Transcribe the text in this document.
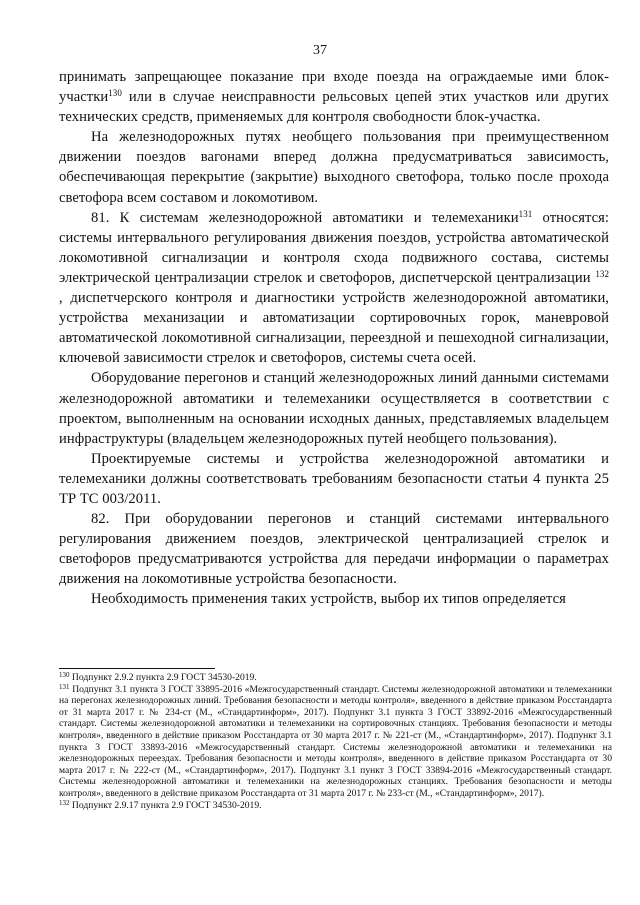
37

принимать запрещающее показание при входе поезда на ограждаемые ими блок-участки$^{130}$ или в случае неисправности рельсовых цепей этих участков или других технических средств, применяемых для контроля свободности блок-участка.

На железнодорожных путях необщего пользования при преимущественном движении поездов вагонами вперед должна предусматриваться зависимость, обеспечивающая перекрытие (закрытие) выходного светофора, только после прохода светофора всем составом и локомотивом.

81. К системам железнодорожной автоматики и телемеханики$^{131}$ относятся: системы интервального регулирования движения поездов, устройства автоматической локомотивной сигнализации и контроля схода подвижного состава, системы электрической централизации стрелок и светофоров, диспетчерской централизации $^{132}$ , диспетчерского контроля и диагностики устройств железнодорожной автоматики, устройства механизации и автоматизации сортировочных горок, маневровой автоматической локомотивной сигнализации, переездной и пешеходной сигнализации, ключевой зависимости стрелок и светофоров, системы счета осей.

Оборудование перегонов и станций железнодорожных линий данными системами железнодорожной автоматики и телемеханики осуществляется в соответствии с проектом, выполненным на основании исходных данных, представляемых владельцем инфраструктуры (владельцем железнодорожных путей необщего пользования).

Проектируемые системы и устройства железнодорожной автоматики и телемеханики должны соответствовать требованиям безопасности статьи 4 пункта 25 ТР ТС 003/2011.

82. При оборудовании перегонов и станций системами интервального регулирования движением поездов, электрической централизацией стрелок и светофоров предусматриваются устройства для передачи информации о параметрах движения на локомотивные устройства безопасности.

Необходимость применения таких устройств, выбор их типов определяется

$^{130}$ Подпункт 2.9.2 пункта 2.9 ГОСТ 34530-2019.

$^{131}$ Подпункт 3.1 пункта 3 ГОСТ 33895-2016 «Межгосударственный стандарт. Системы железнодорожной автоматики и телемеханики на перегонах железнодорожных линий. Требования безопасности и методы контроля», введенного в действие приказом Росстандарта от 31 марта 2017 г. № 234-ст (М., «Стандартинформ», 2017). Подпункт 3.1 пункта 3 ГОСТ 33892-2016 «Межгосударственный стандарт. Системы железнодорожной автоматики и телемеханики на сортировочных станциях. Требования безопасности и методы контроля», введенного в действие приказом Росстандарта от 30 марта 2017 г. № 221-ст (М., «Стандартинформ», 2017). Подпункт 3.1 пункта 3 ГОСТ 33893-2016 «Межгосударственный стандарт. Системы железнодорожной автоматики и телемеханики на железнодорожных переездах. Требования безопасности и методы контроля», введенного в действие приказом Росстандарта от 30 марта 2017 г. № 222-ст (М., «Стандартинформ», 2017). Подпункт 3.1 пункт 3 ГОСТ 33894-2016 «Межгосударственный стандарт. Системы железнодорожной автоматики и телемеханики на железнодорожных станциях. Требования безопасности и методы контроля», введенного в действие приказом Росстандарта от 31 марта 2017 г. № 233-ст (М., «Стандартинформ», 2017).

$^{132}$ Подпункт 2.9.17 пункта 2.9 ГОСТ 34530-2019.
